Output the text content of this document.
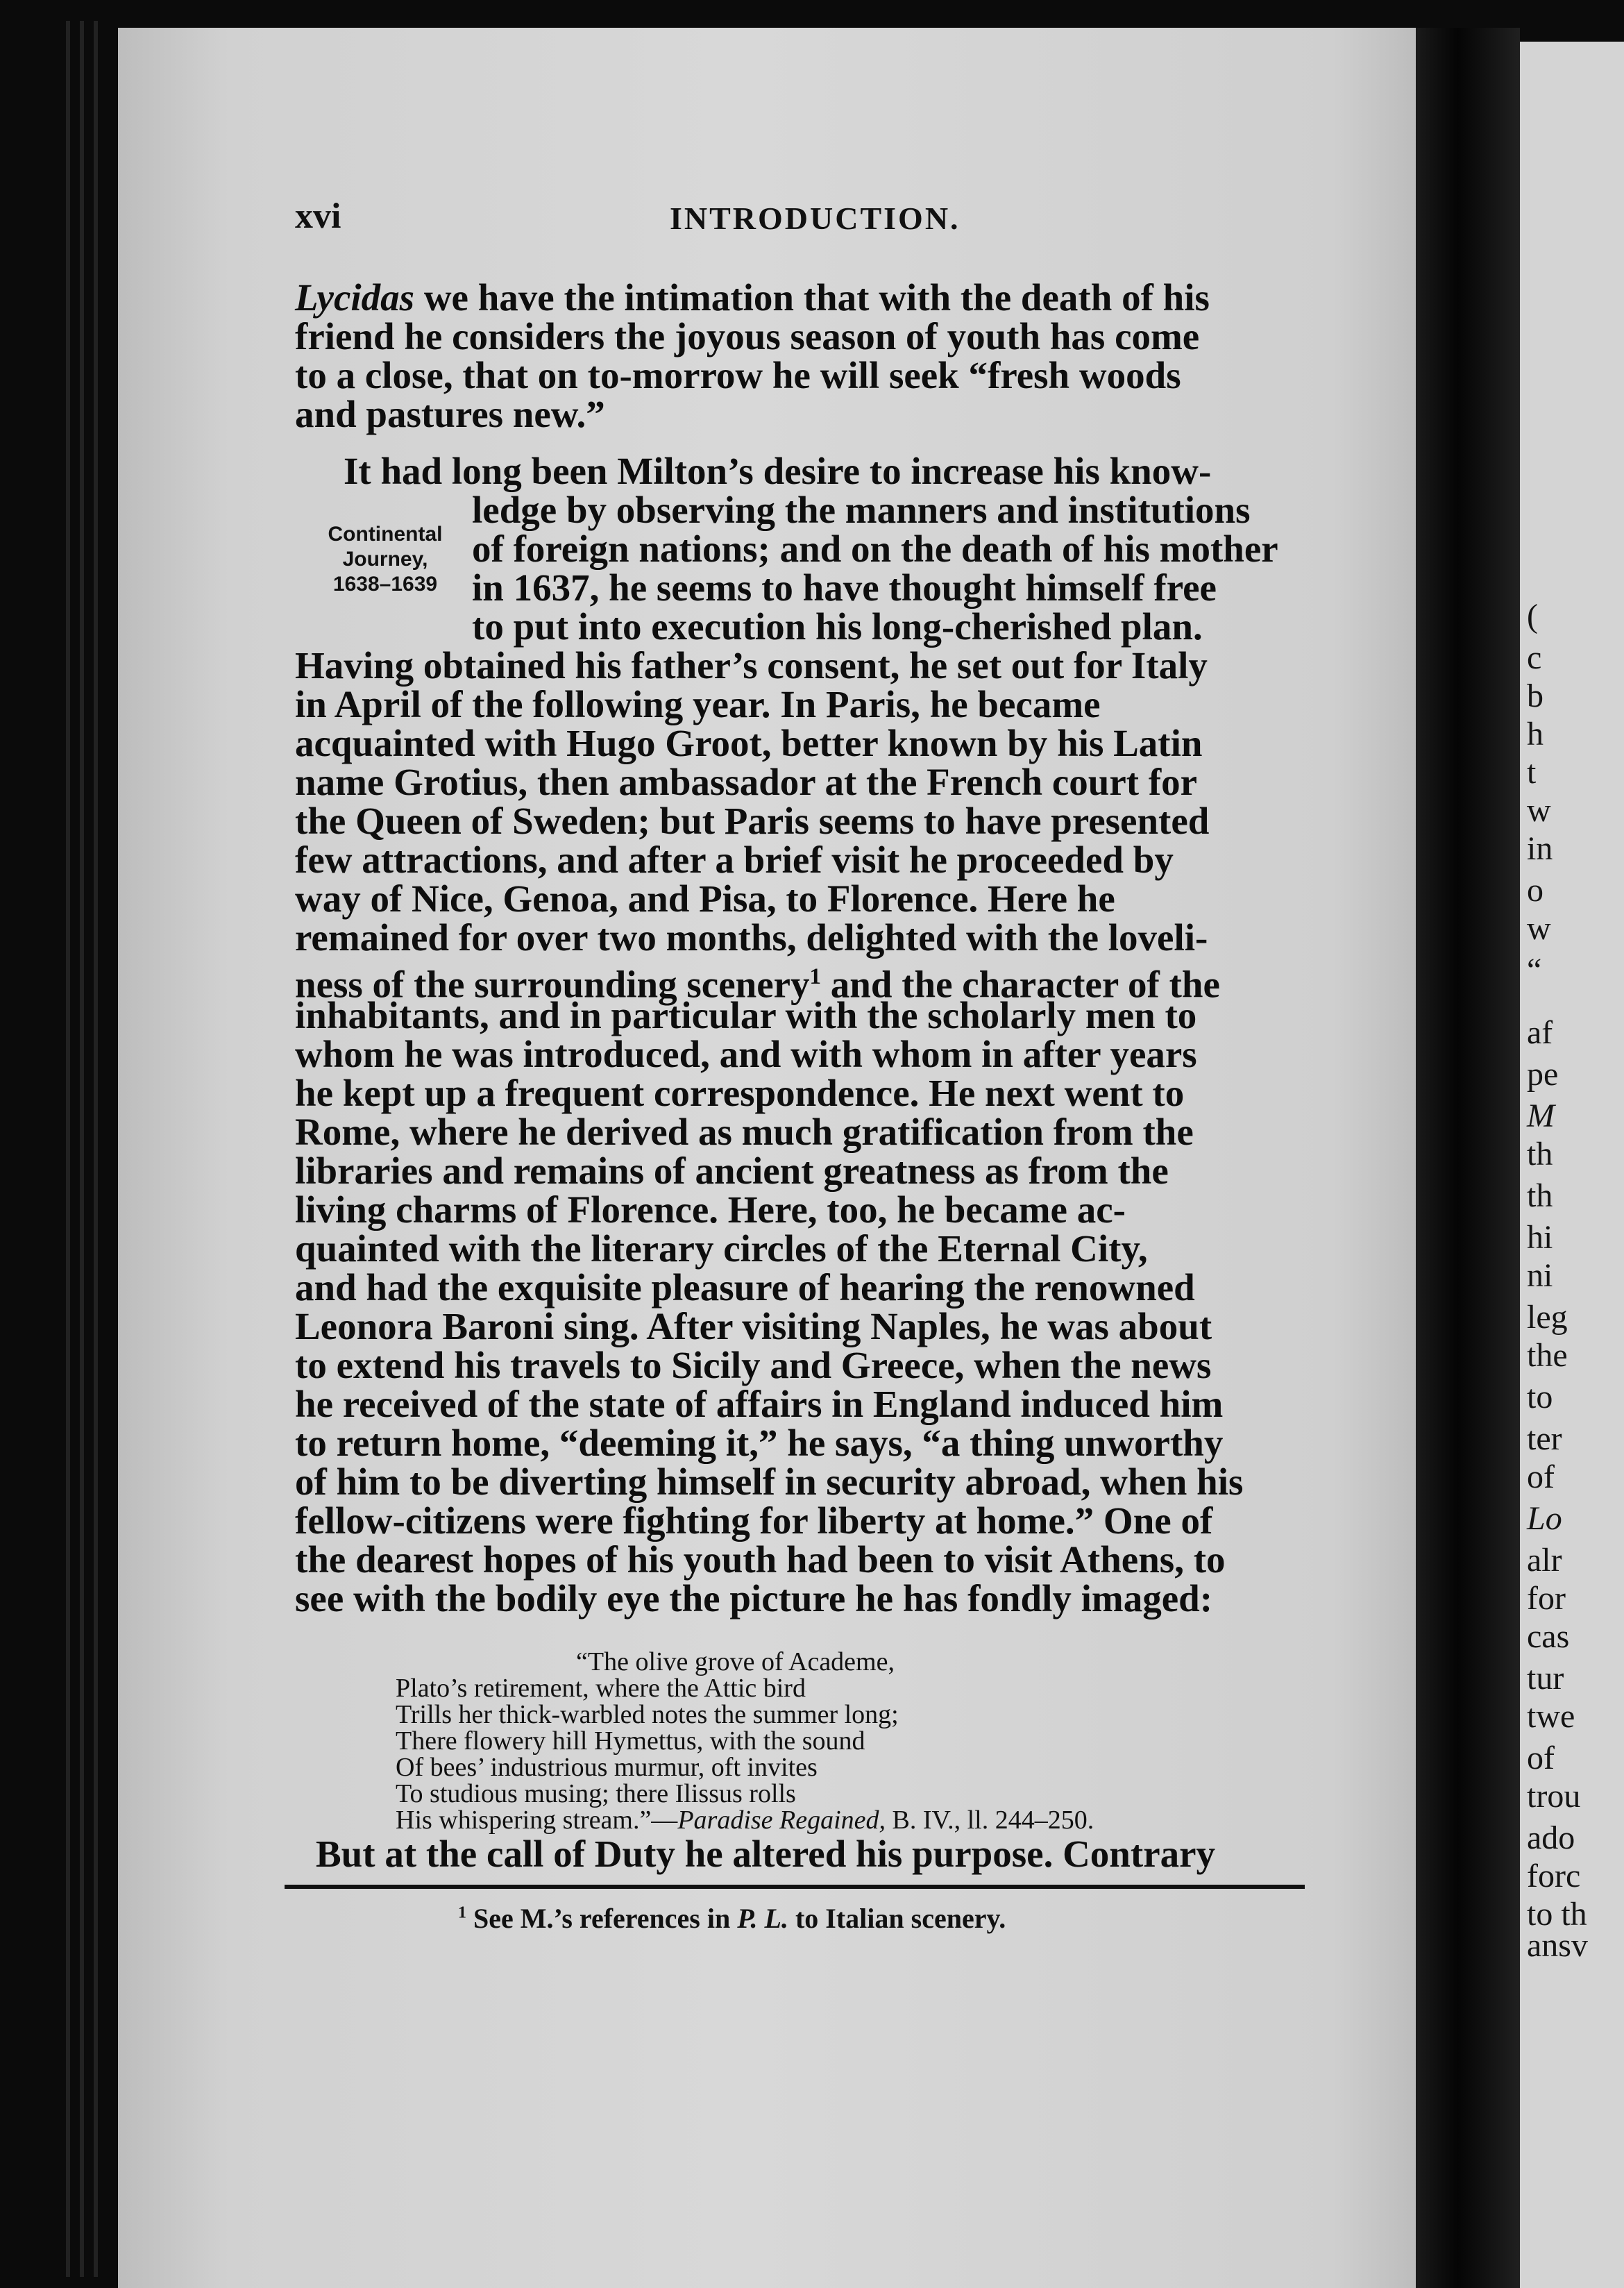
(
c
b
h
t
w
in
o
w
“
af
pe
M
th
th
hi
ni
leg
the
to
ter
of
Lo
alr
for
cas
tur
twe
of
trou
ado
forc
to th
ansv
xvi	INTRODUCTION.
Lycidas we have the intimation that with the death of his
friend he considers the joyous season of youth has come
to a close, that on to-morrow he will seek “fresh woods
and pastures new.”
Continental
Journey,
1638–1639
It had long been Milton’s desire to increase his know-
ledge by observing the manners and institutions
of foreign nations; and on the death of his mother
in 1637, he seems to have thought himself free
to put into execution his long-cherished plan.
Having obtained his father’s consent, he set out for Italy
in April of the following year. In Paris, he became
acquainted with Hugo Groot, better known by his Latin
name Grotius, then ambassador at the French court for
the Queen of Sweden; but Paris seems to have presented
few attractions, and after a brief visit he proceeded by
way of Nice, Genoa, and Pisa, to Florence. Here he
remained for over two months, delighted with the loveli-
ness of the surrounding scenery$^1$ and the character of the
inhabitants, and in particular with the scholarly men to
whom he was introduced, and with whom in after years
he kept up a frequent correspondence. He next went to
Rome, where he derived as much gratification from the
libraries and remains of ancient greatness as from the
living charms of Florence. Here, too, he became ac-
quainted with the literary circles of the Eternal City,
and had the exquisite pleasure of hearing the renowned
Leonora Baroni sing. After visiting Naples, he was about
to extend his travels to Sicily and Greece, when the news
he received of the state of affairs in England induced him
to return home, “deeming it,” he says, “a thing unworthy
of him to be diverting himself in security abroad, when his
fellow-citizens were fighting for liberty at home.” One of
the dearest hopes of his youth had been to visit Athens, to
see with the bodily eye the picture he has fondly imaged:
“The olive grove of Academe,
Plato’s retirement, where the Attic bird
Trills her thick-warbled notes the summer long;
There flowery hill Hymettus, with the sound
Of bees’ industrious murmur, oft invites
To studious musing; there Ilissus rolls
His whispering stream.”—Paradise Regained, B. IV., ll. 244–250.
But at the call of Duty he altered his purpose. Contrary
$^1$ See M.’s references in P. L. to Italian scenery.
